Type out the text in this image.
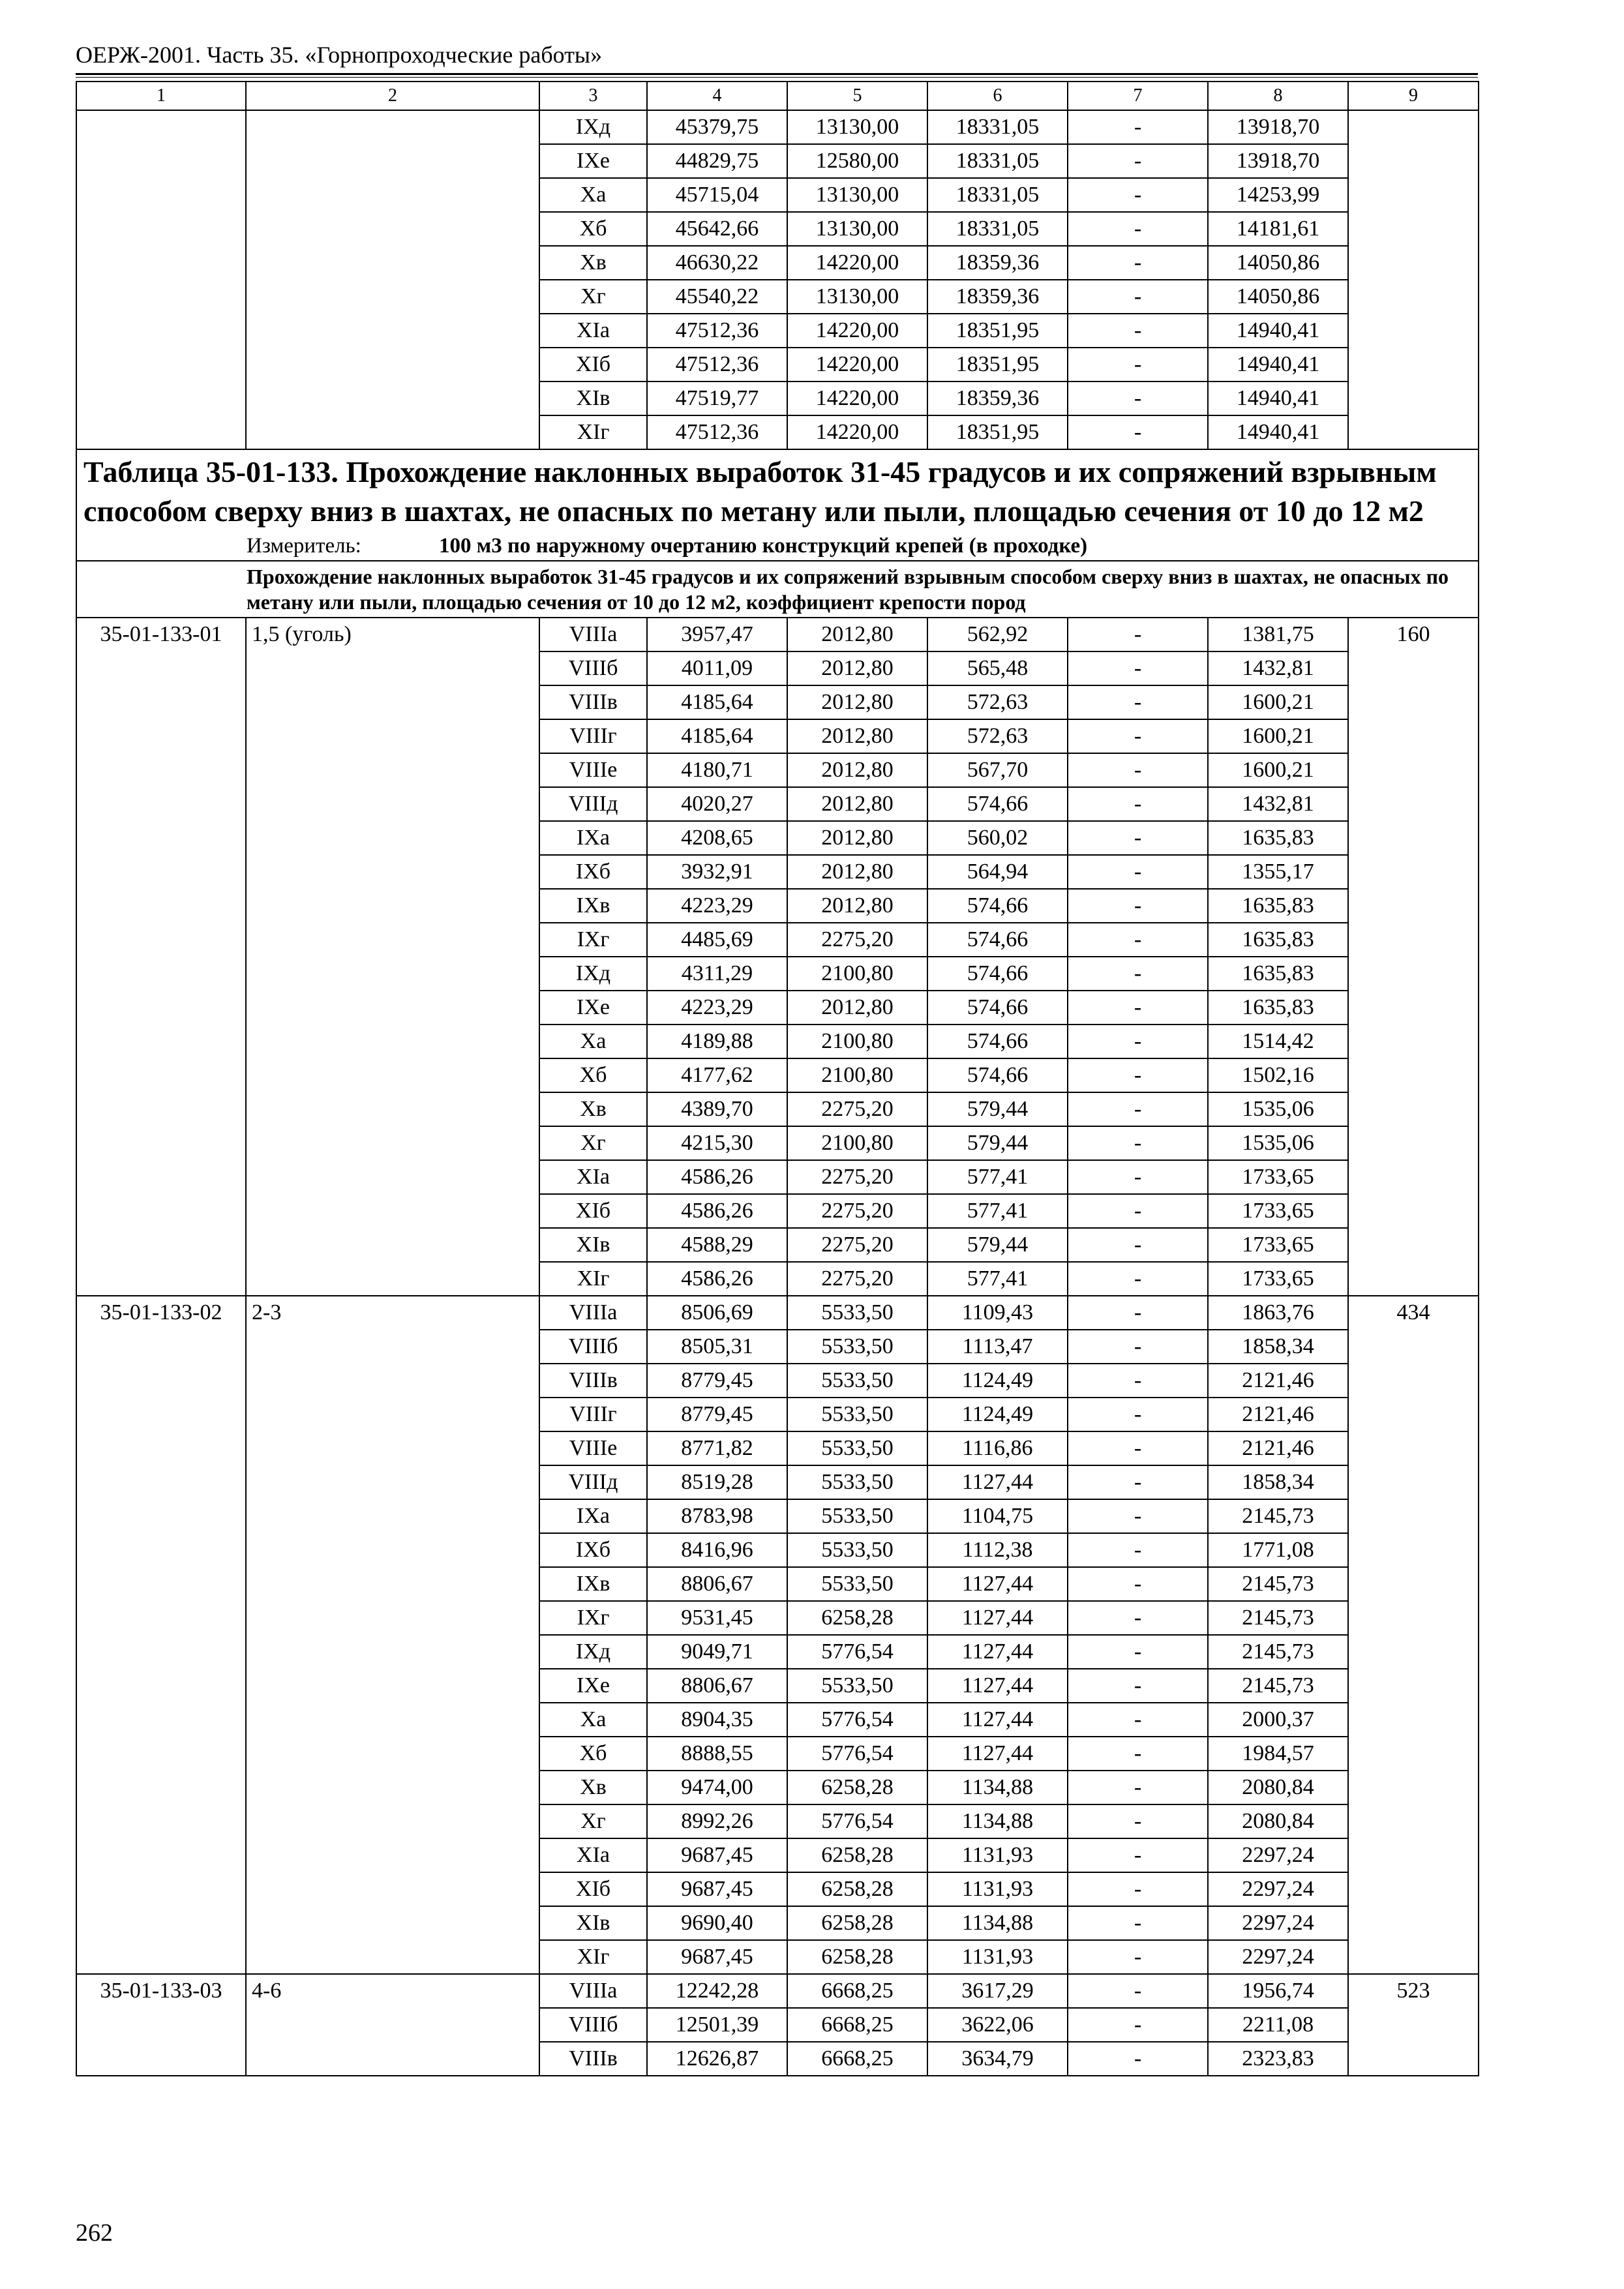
ОЕРЖ-2001. Часть 35. «Горнопроходческие работы»
1	2	3	4	5	6	7	8	9
		IXд	45379,75	13130,00	18331,05	-	13918,70	
		IXе	44829,75	12580,00	18331,05	-	13918,70	
		Xа	45715,04	13130,00	18331,05	-	14253,99	
		Xб	45642,66	13130,00	18331,05	-	14181,61	
		Xв	46630,22	14220,00	18359,36	-	14050,86	
		Xг	45540,22	13130,00	18359,36	-	14050,86	
		XIа	47512,36	14220,00	18351,95	-	14940,41	
		XIб	47512,36	14220,00	18351,95	-	14940,41	
		XIв	47519,77	14220,00	18359,36	-	14940,41	
		XIг	47512,36	14220,00	18351,95	-	14940,41	

Таблица 35-01-133. Прохождение наклонных выработок 31-45 градусов и их сопряжений взрывным способом сверху вниз в шахтах, не опасных по метану или пыли, площадью сечения от 10 до 12 м2
Измеритель: 100 м3 по наружному очертанию конструкций крепей (в проходке)								

Прохождение наклонных выработок 31-45 градусов и их сопряжений взрывным способом сверху вниз в шахтах, не опасных по метану или пыли, площадью сечения от 10 до 12 м2, коэффициент крепости пород								
35-01-133-01	1,5 (уголь)	VIIIа	3957,47	2012,80	562,92	-	1381,75	160
		VIIIб	4011,09	2012,80	565,48	-	1432,81	
		VIIIв	4185,64	2012,80	572,63	-	1600,21	
		VIIIг	4185,64	2012,80	572,63	-	1600,21	
		VIIIе	4180,71	2012,80	567,70	-	1600,21	
		VIIIд	4020,27	2012,80	574,66	-	1432,81	
		IXа	4208,65	2012,80	560,02	-	1635,83	
		IXб	3932,91	2012,80	564,94	-	1355,17	
		IXв	4223,29	2012,80	574,66	-	1635,83	
		IXг	4485,69	2275,20	574,66	-	1635,83	
		IXд	4311,29	2100,80	574,66	-	1635,83	
		IXе	4223,29	2012,80	574,66	-	1635,83	
		Xа	4189,88	2100,80	574,66	-	1514,42	
		Xб	4177,62	2100,80	574,66	-	1502,16	
		Xв	4389,70	2275,20	579,44	-	1535,06	
		Xг	4215,30	2100,80	579,44	-	1535,06	
		XIа	4586,26	2275,20	577,41	-	1733,65	
		XIб	4586,26	2275,20	577,41	-	1733,65	
		XIв	4588,29	2275,20	579,44	-	1733,65	
		XIг	4586,26	2275,20	577,41	-	1733,65	
35-01-133-02	2-3	VIIIа	8506,69	5533,50	1109,43	-	1863,76	434
		VIIIб	8505,31	5533,50	1113,47	-	1858,34	
		VIIIв	8779,45	5533,50	1124,49	-	2121,46	
		VIIIг	8779,45	5533,50	1124,49	-	2121,46	
		VIIIе	8771,82	5533,50	1116,86	-	2121,46	
		VIIIд	8519,28	5533,50	1127,44	-	1858,34	
		IXа	8783,98	5533,50	1104,75	-	2145,73	
		IXб	8416,96	5533,50	1112,38	-	1771,08	
		IXв	8806,67	5533,50	1127,44	-	2145,73	
		IXг	9531,45	6258,28	1127,44	-	2145,73	
		IXд	9049,71	5776,54	1127,44	-	2145,73	
		IXе	8806,67	5533,50	1127,44	-	2145,73	
		Xа	8904,35	5776,54	1127,44	-	2000,37	
		Xб	8888,55	5776,54	1127,44	-	1984,57	
		Xв	9474,00	6258,28	1134,88	-	2080,84	
		Xг	8992,26	5776,54	1134,88	-	2080,84	
		XIа	9687,45	6258,28	1131,93	-	2297,24	
		XIб	9687,45	6258,28	1131,93	-	2297,24	
		XIв	9690,40	6258,28	1134,88	-	2297,24	
		XIг	9687,45	6258,28	1131,93	-	2297,24	
35-01-133-03	4-6	VIIIа	12242,28	6668,25	3617,29	-	1956,74	523
		VIIIб	12501,39	6668,25	3622,06	-	2211,08	
		VIIIв	12626,87	6668,25	3634,79	-	2323,83	
262
